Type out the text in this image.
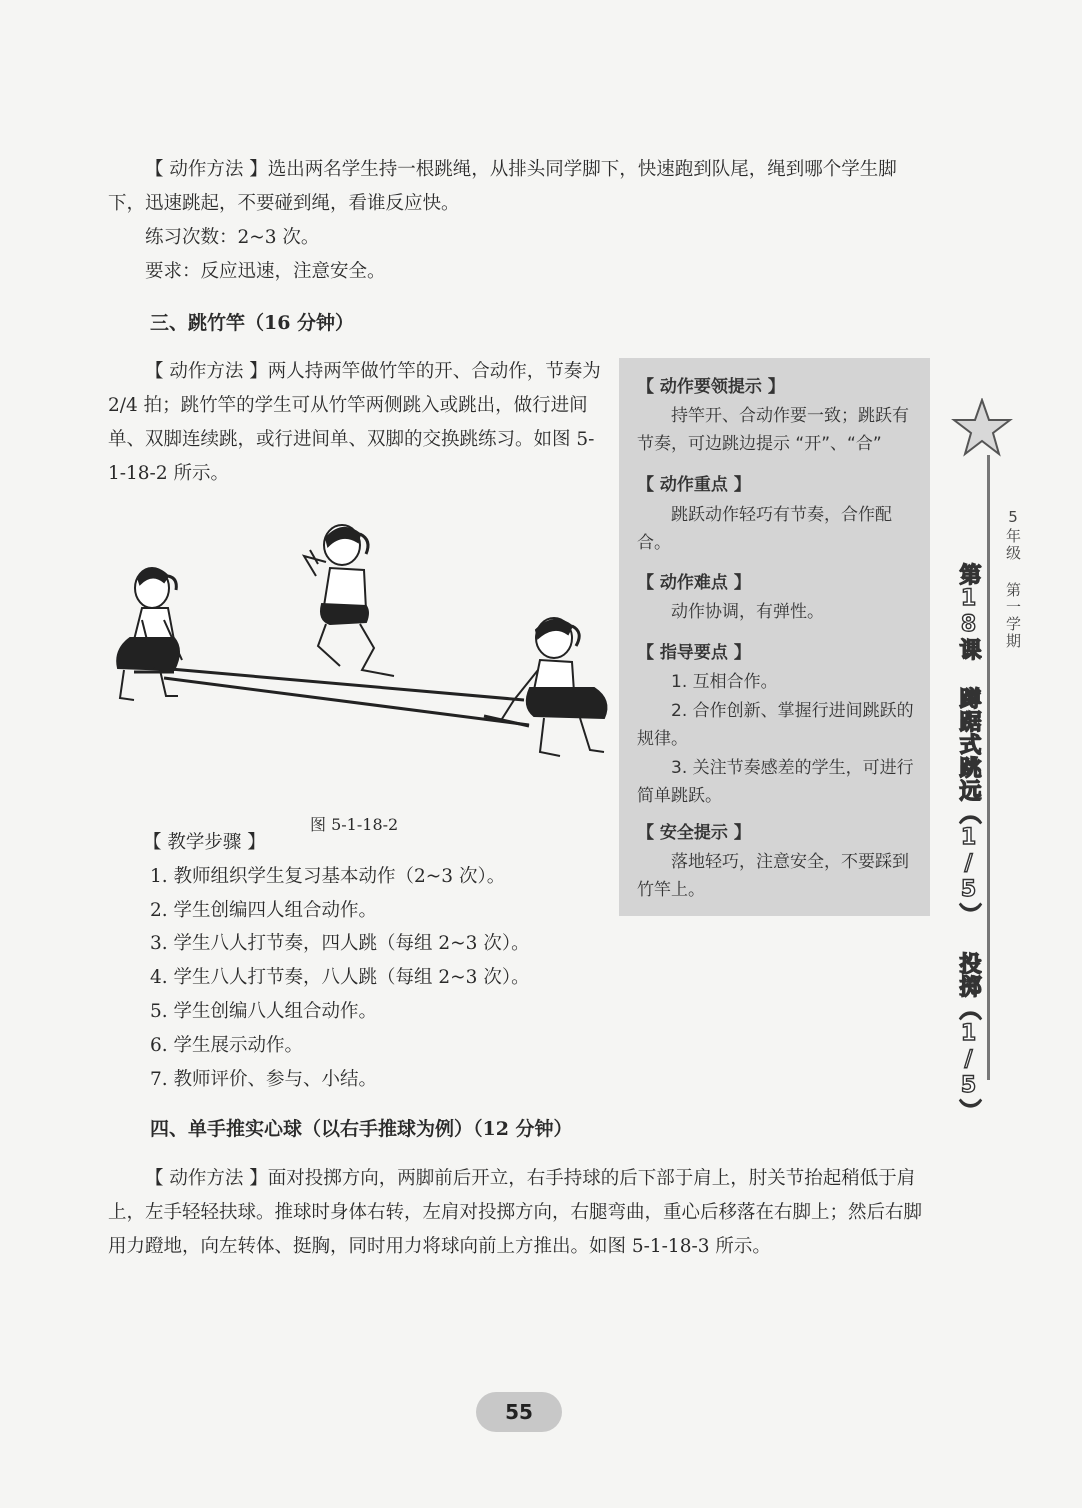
【 动作方法 】选出两名学生持一根跳绳，从排头同学脚下，快速跑到队尾，绳到哪个学生脚下，迅速跳起，不要碰到绳，看谁反应快。

练习次数：2~3 次。

要求：反应迅速，注意安全。

三、跳竹竿（16 分钟）

【 动作方法 】两人持两竿做竹竿的开、合动作，节奏为 2/4 拍；跳竹竿的学生可从竹竿两侧跳入或跳出，做行进间单、双脚连续跳，或行进间单、双脚的交换跳练习。如图 5-1-18-2 所示。

图 5-1-18-2

【 教学步骤 】

1. 教师组织学生复习基本动作（2~3 次）。

2. 学生创编四人组合动作。

3. 学生八人打节奏，四人跳（每组 2~3 次）。

4. 学生八人打节奏，八人跳（每组 2~3 次）。

5. 学生创编八人组合动作。

6. 学生展示动作。

7. 教师评价、参与、小结。

【 动作要领提示 】
持竿开、合动作要一致；跳跃有节奏，可边跳边提示 “开”、“合”
【 动作重点 】
跳跃动作轻巧有节奏，合作配合。
【 动作难点 】
动作协调，有弹性。
【 指导要点 】
1. 互相合作。
2. 合作创新、掌握行进间跳跃的规律。
3. 关注节奏感差的学生，可进行简单跳跃。
【 安全提示 】
落地轻巧，注意安全，不要踩到竹竿上。
5年级 第一学期
第18课 蹲踞式跳远（1/5） 投掷（1/5）

四、单手推实心球（以右手推球为例）（12 分钟）

【 动作方法 】面对投掷方向，两脚前后开立，右手持球的后下部于肩上，肘关节抬起稍低于肩上，左手轻轻扶球。推球时身体右转，左肩对投掷方向，右腿弯曲，重心后移落在右脚上；然后右脚用力蹬地，向左转体、挺胸，同时用力将球向前上方推出。如图 5-1-18-3 所示。

55
